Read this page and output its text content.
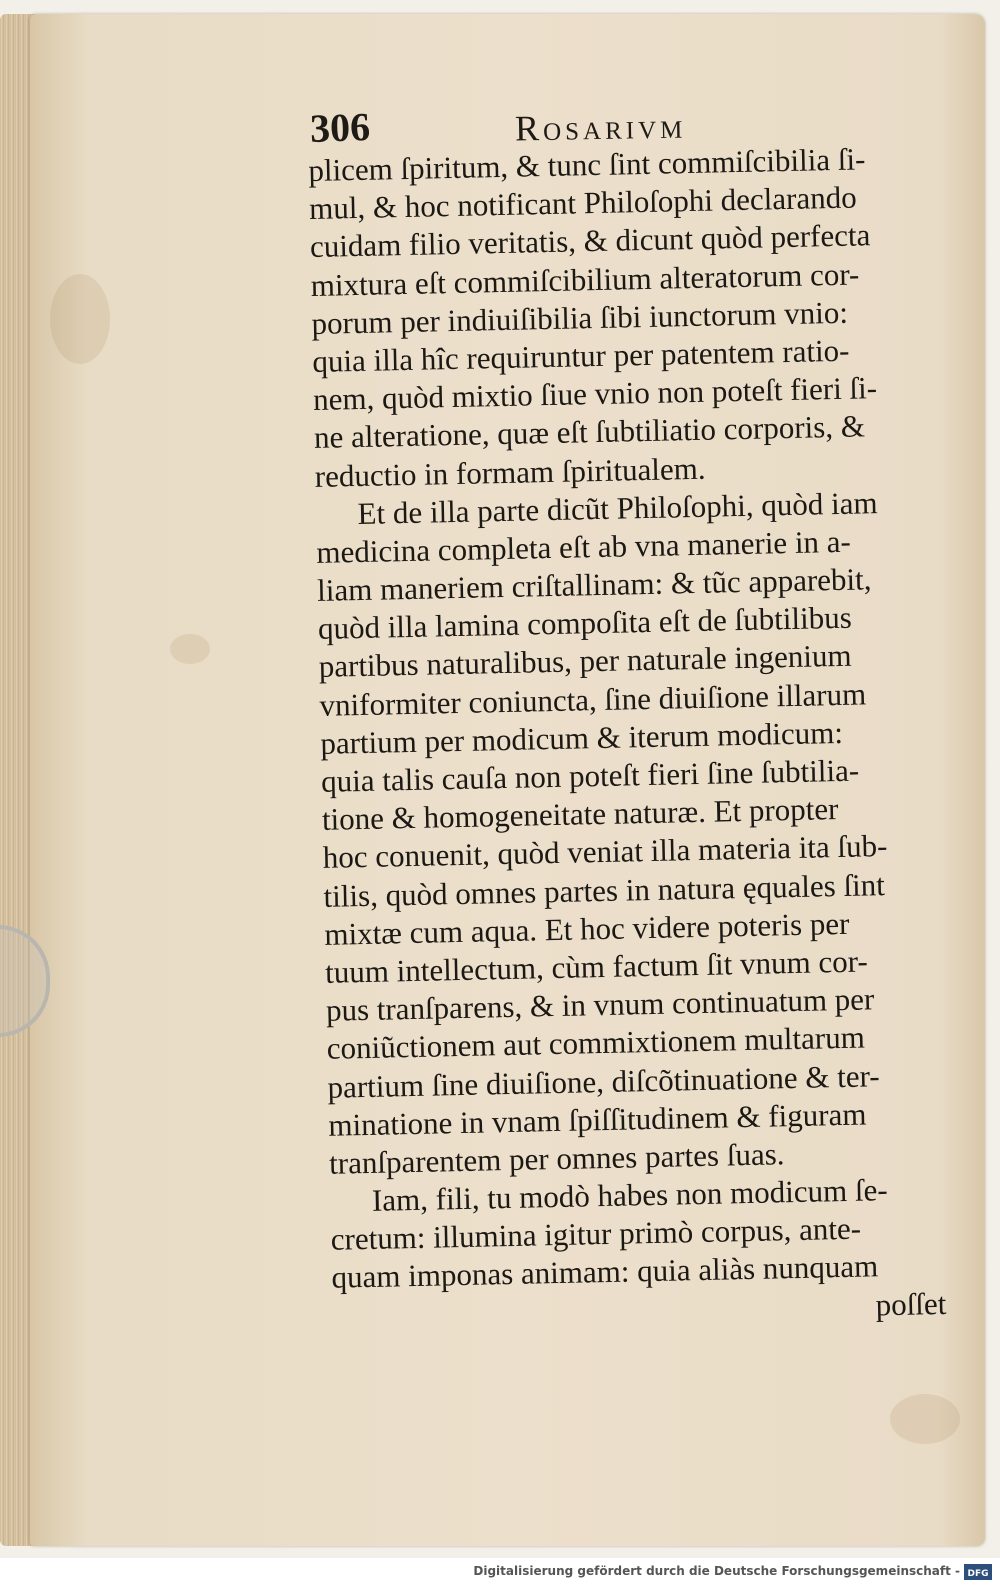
306	Rosarivm
plicem ſpiritum, & tunc ſint commiſcibilia ſi-
mul, & hoc notificant Philoſophi declarando
cuidam filio veritatis, & dicunt quòd perfecta
mixtura eſt commiſcibilium alteratorum cor-
porum per indiuiſibilia ſibi iunctorum vnio:
quia illa hîc requiruntur per patentem ratio-
nem, quòd mixtio ſiue vnio non poteſt fieri ſi-
ne alteratione, quæ eſt ſubtiliatio corporis, &
reductio in formam ſpiritualem.
Et de illa parte dicũt Philoſophi, quòd iam
medicina completa eſt ab vna manerie in a-
liam maneriem criſtallinam: & tũc apparebit,
quòd illa lamina compoſita eſt de ſubtilibus
partibus naturalibus, per naturale ingenium
vniformiter coniuncta, ſine diuiſione illarum
partium per modicum & iterum modicum:
quia talis cauſa non poteſt fieri ſine ſubtilia-
tione & homogeneitate naturæ. Et propter
hoc conuenit, quòd veniat illa materia ita ſub-
tilis, quòd omnes partes in natura ęquales ſint
mixtæ cum aqua. Et hoc videre poteris per
tuum intellectum, cùm factum ſit vnum cor-
pus tranſparens, & in vnum continuatum per
coniũctionem aut commixtionem multarum
partium ſine diuiſione, diſcõtinuatione & ter-
minatione in vnam ſpiſſitudinem & figuram
tranſparentem per omnes partes ſuas.
Iam, fili, tu modò habes non modicum ſe-
cretum: illumina igitur primò corpus, ante-
quam imponas animam: quia aliàs nunquam
poſſet
Digitalisierung gefördert durch die Deutsche Forschungsgemeinschaft - DFG
